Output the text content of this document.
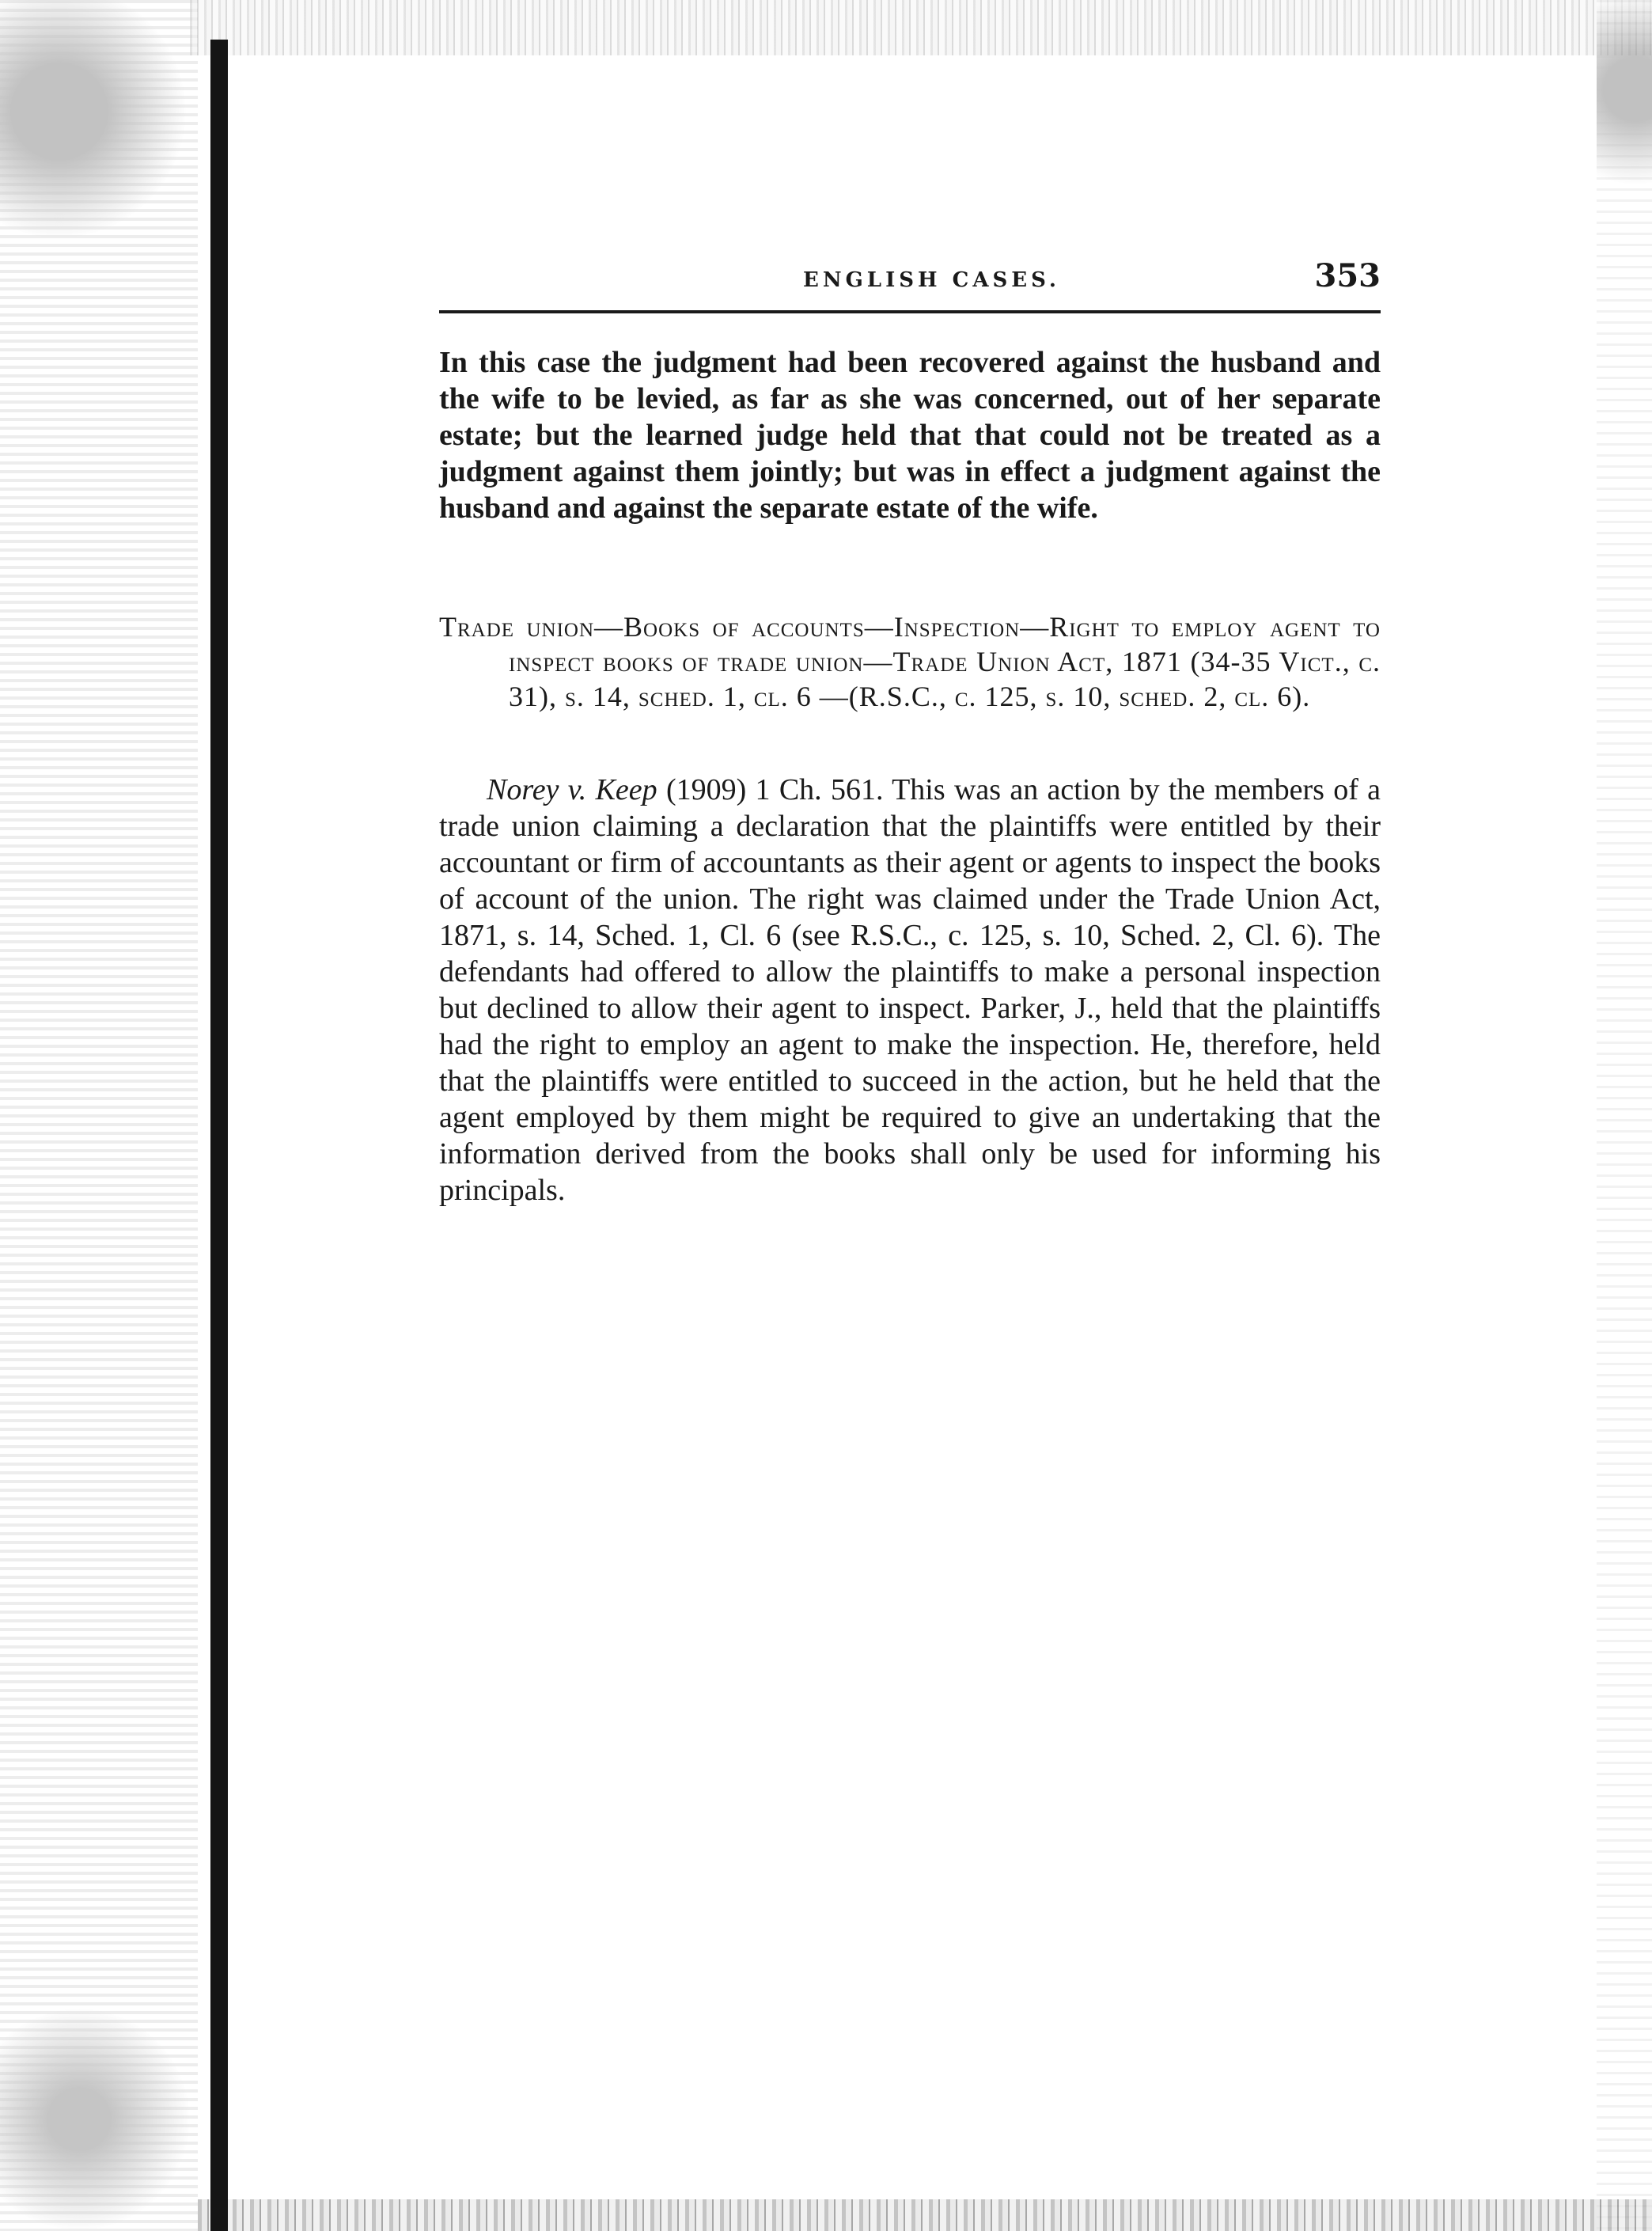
ENGLISH CASES.	353

In this case the judgment had been recovered against the husband and the wife to be levied, as far as she was concerned, out of her separate estate; but the learned judge held that that could not be treated as a judgment against them jointly; but was in effect a judgment against the husband and against the separate estate of the wife.

Trade union—Books of accounts—Inspection—Right to employ agent to inspect books of trade union—Trade Union Act, 1871 (34-35 Vict., c. 31), s. 14, sched. 1, cl. 6 —(R.S.C., c. 125, s. 10, sched. 2, cl. 6).

Norey v. Keep (1909) 1 Ch. 561. This was an action by the members of a trade union claiming a declaration that the plaintiffs were entitled by their accountant or firm of accountants as their agent or agents to inspect the books of account of the union. The right was claimed under the Trade Union Act, 1871, s. 14, Sched. 1, Cl. 6 (see R.S.C., c. 125, s. 10, Sched. 2, Cl. 6). The defendants had offered to allow the plaintiffs to make a personal inspection but declined to allow their agent to inspect. Parker, J., held that the plaintiffs had the right to employ an agent to make the inspection. He, therefore, held that the plaintiffs were entitled to succeed in the action, but he held that the agent employed by them might be required to give an undertaking that the information derived from the books shall only be used for informing his principals.
